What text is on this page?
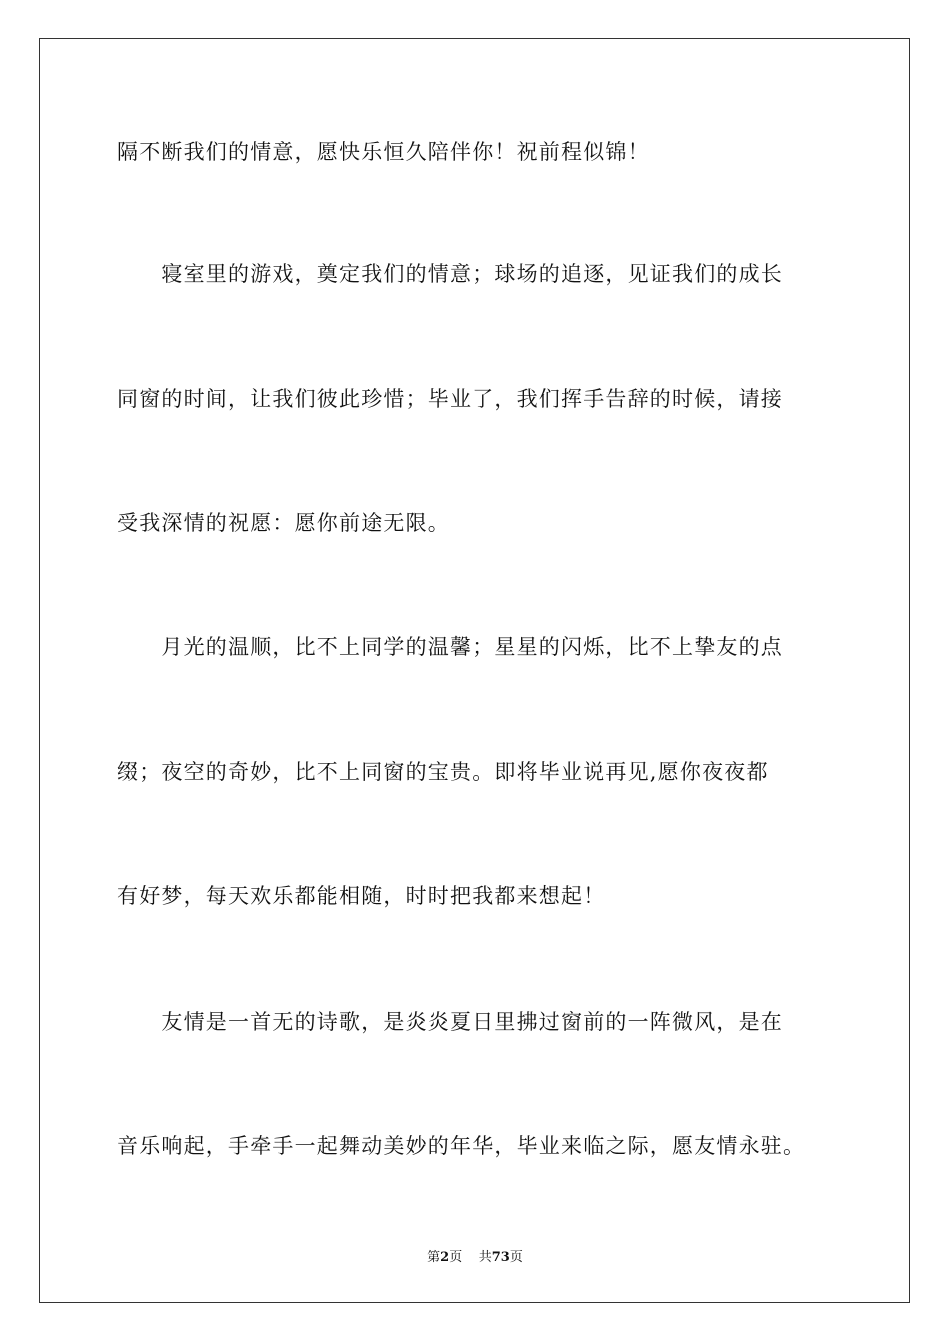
隔不断我们的情意，愿快乐恒久陪伴你！祝前程似锦！
　　寝室里的游戏，奠定我们的情意；球场的追逐，见证我们的成长
同窗的时间，让我们彼此珍惜；毕业了，我们挥手告辞的时候，请接
受我深情的祝愿：愿你前途无限。
　　月光的温顺，比不上同学的温馨；星星的闪烁，比不上挚友的点
缀；夜空的奇妙，比不上同窗的宝贵。即将毕业说再见,愿你夜夜都
有好梦，每天欢乐都能相随，时时把我都来想起！
　　友情是一首无的诗歌，是炎炎夏日里拂过窗前的一阵微风，是在
音乐响起，手牵手一起舞动美妙的年华，毕业来临之际，愿友情永驻。
第2页 共73页
